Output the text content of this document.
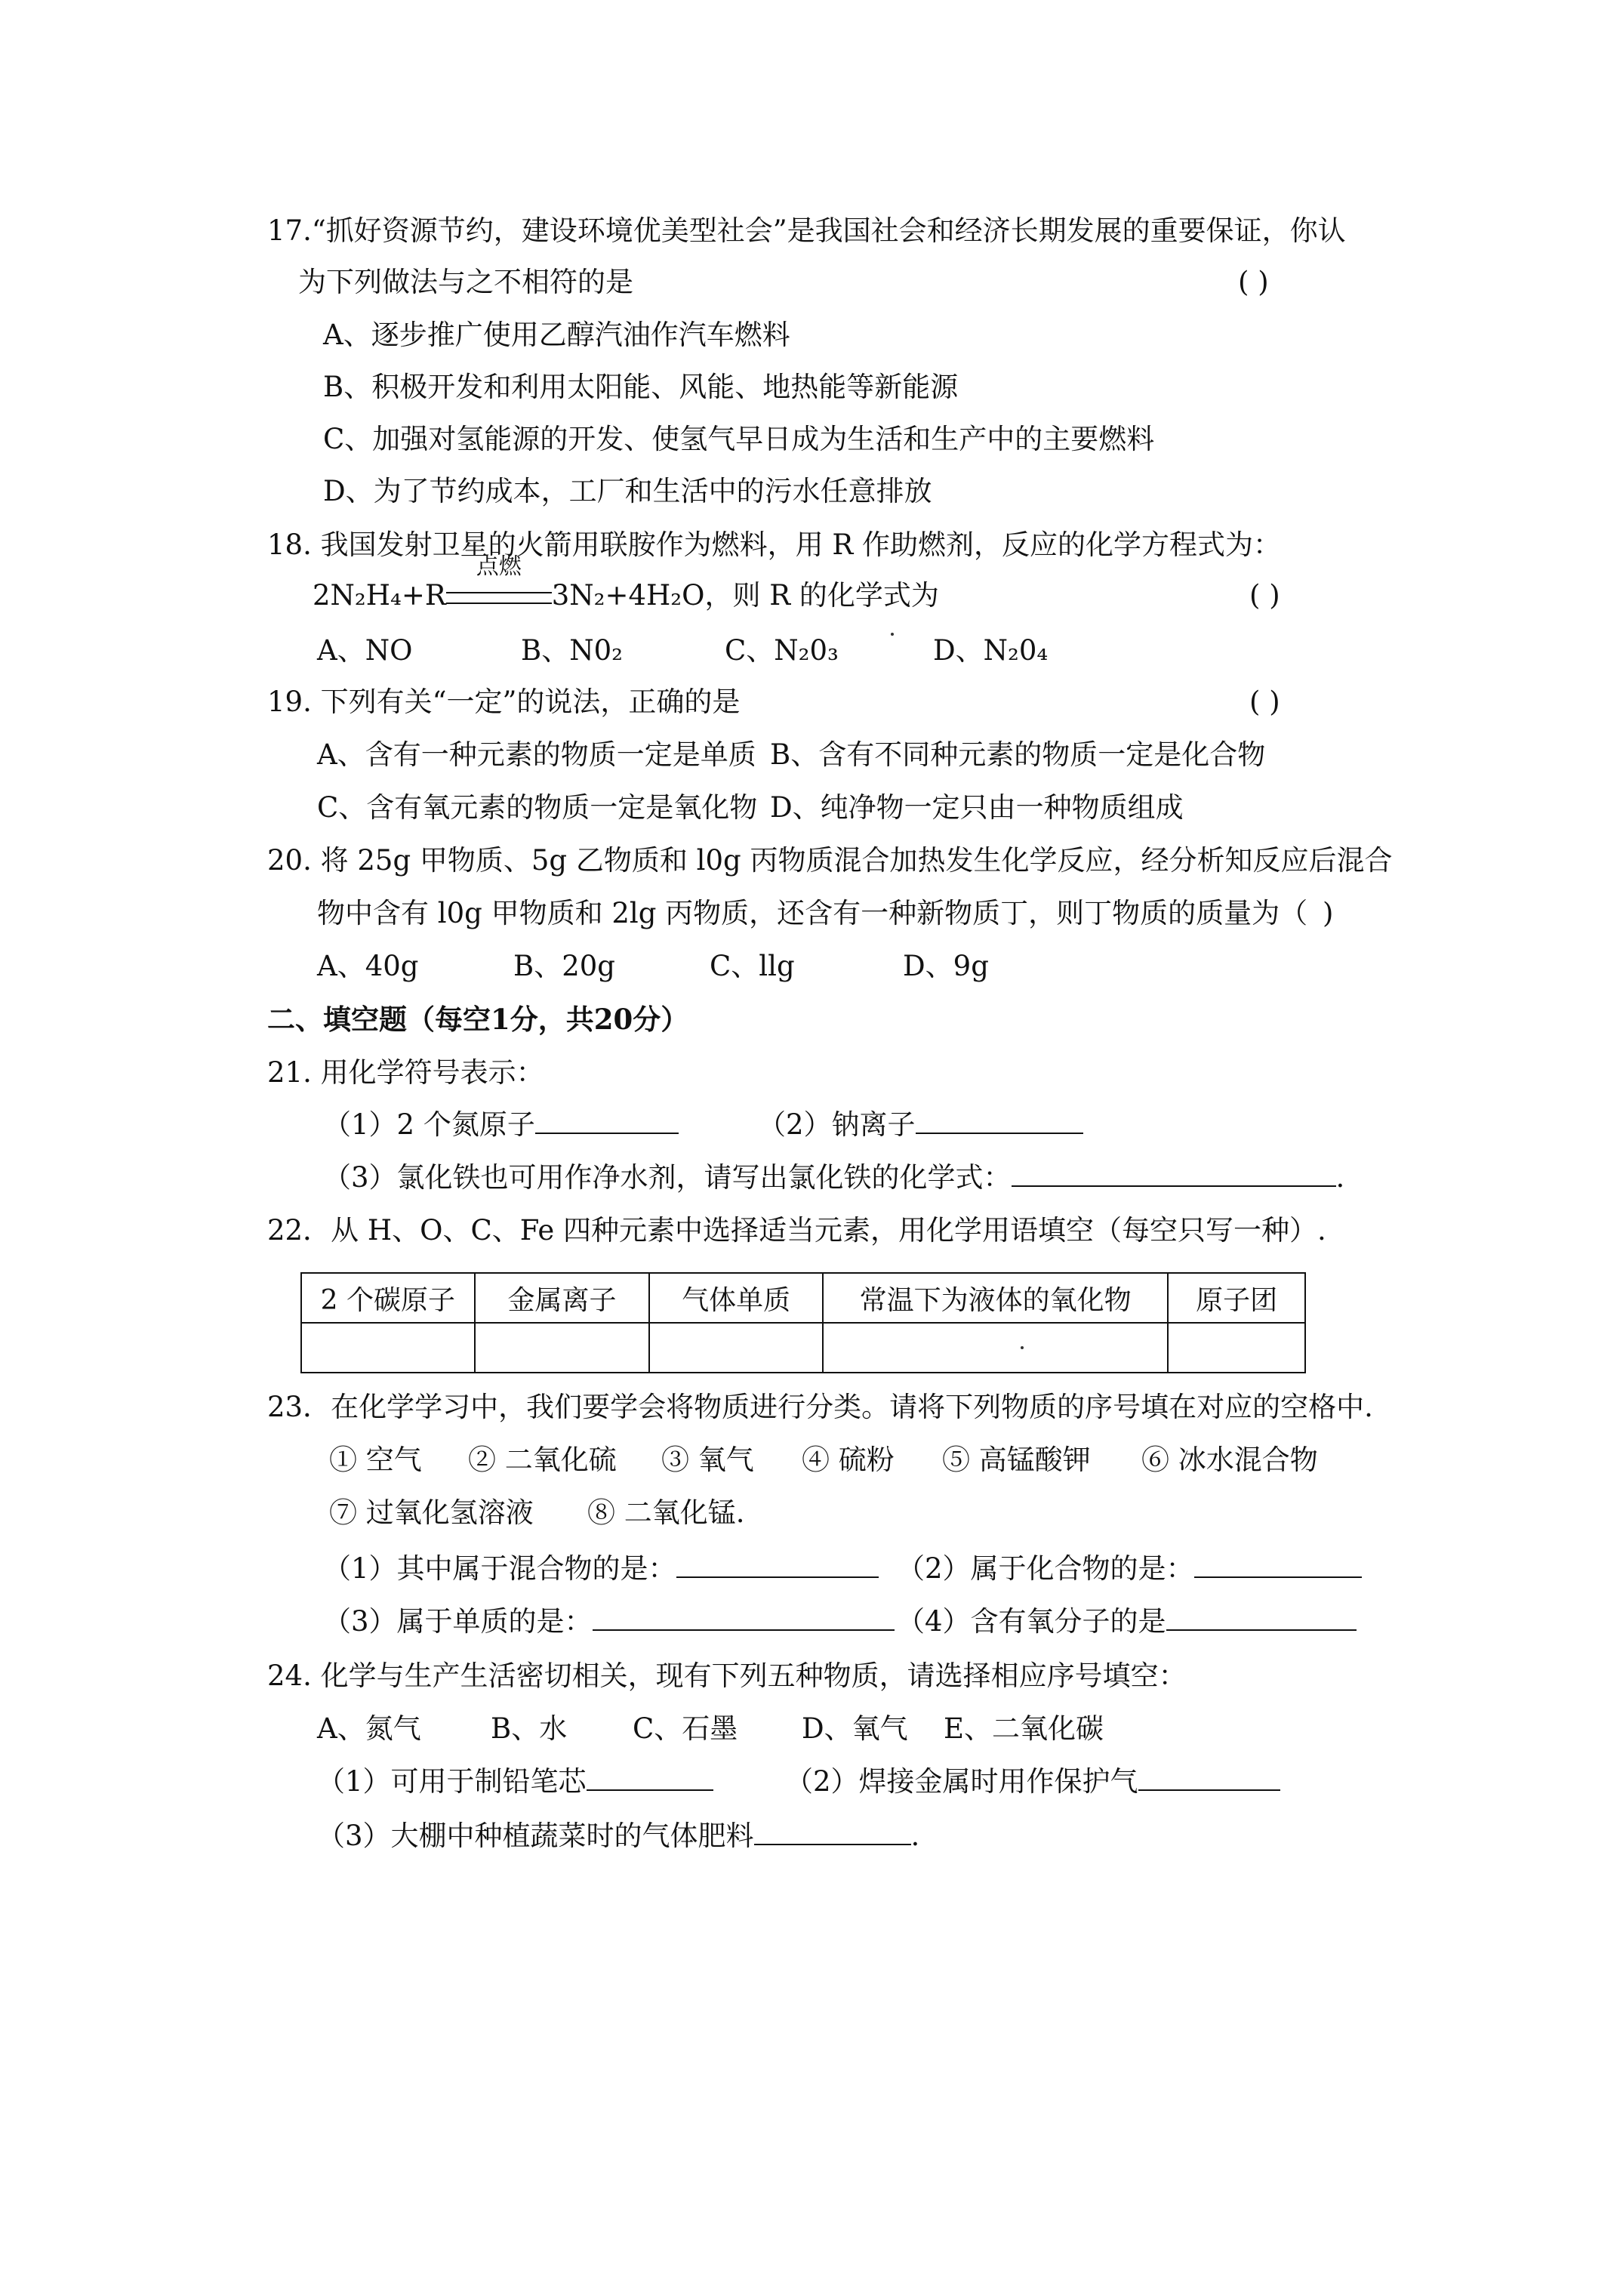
17.“抓好资源节约，建设环境优美型社会”是我国社会和经济长期发展的重要保证，你认
为下列做法与之不相符的是	( )
A、逐步推广使用乙醇汽油作汽车燃料
B、积极开发和利用太阳能、风能、地热能等新能源
C、加强对氢能源的开发、使氢气早日成为生活和生产中的主要燃料
D、为了节约成本，工厂和生活中的污水任意排放
18. 我国发射卫星的火箭用联胺作为燃料，用 R 作助燃剂，反应的化学方程式为：
2N₂H₄+R
点燃
3N₂+4H₂O，则 R 的化学式为	( )
A、NO	B、N0₂	C、N₂0₃	D、N₂0₄
19. 下列有关“一定”的说法，正确的是	( )
A、含有一种元素的物质一定是单质 B、含有不同种元素的物质一定是化合物
C、含有氧元素的物质一定是氧化物 D、纯净物一定只由一种物质组成
20. 将 25g 甲物质、5g 乙物质和 l0g 丙物质混合加热发生化学反应，经分析知反应后混合
物中含有 l0g 甲物质和 2lg 丙物质，还含有一种新物质丁，则丁物质的质量为（ )
A、40g	B、20g	C、llg	D、9g
二、填空题（每空1分，共20分）
21. 用化学符号表示：
（1）2 个氮原子	（2）钠离子
（3）氯化铁也可用作净水剂，请写出氯化铁的化学式：	.
22．从 H、O、C、Fe 四种元素中选择适当元素，用化学用语填空（每空只写一种）.
2 个碳原子	金属离子	气体单质	常温下为液体的氧化物	原子团

23．在化学学习中，我们要学会将物质进行分类。请将下列物质的序号填在对应的空格中.
① 空气 ② 二氧化硫 ③ 氧气 ④ 硫粉 ⑤ 高锰酸钾 ⑥ 冰水混合物
⑦ 过氧化氢溶液 ⑧ 二氧化锰.
（1）其中属于混合物的是：	（2）属于化合物的是：
（3）属于单质的是：	（4）含有氧分子的是
24. 化学与生产生活密切相关，现有下列五种物质，请选择相应序号填空：
A、氮气 B、水 C、石墨 D、氧气 E、二氧化碳
（1）可用于制铅笔芯	（2）焊接金属时用作保护气
（3）大棚中种植蔬菜时的气体肥料	.
